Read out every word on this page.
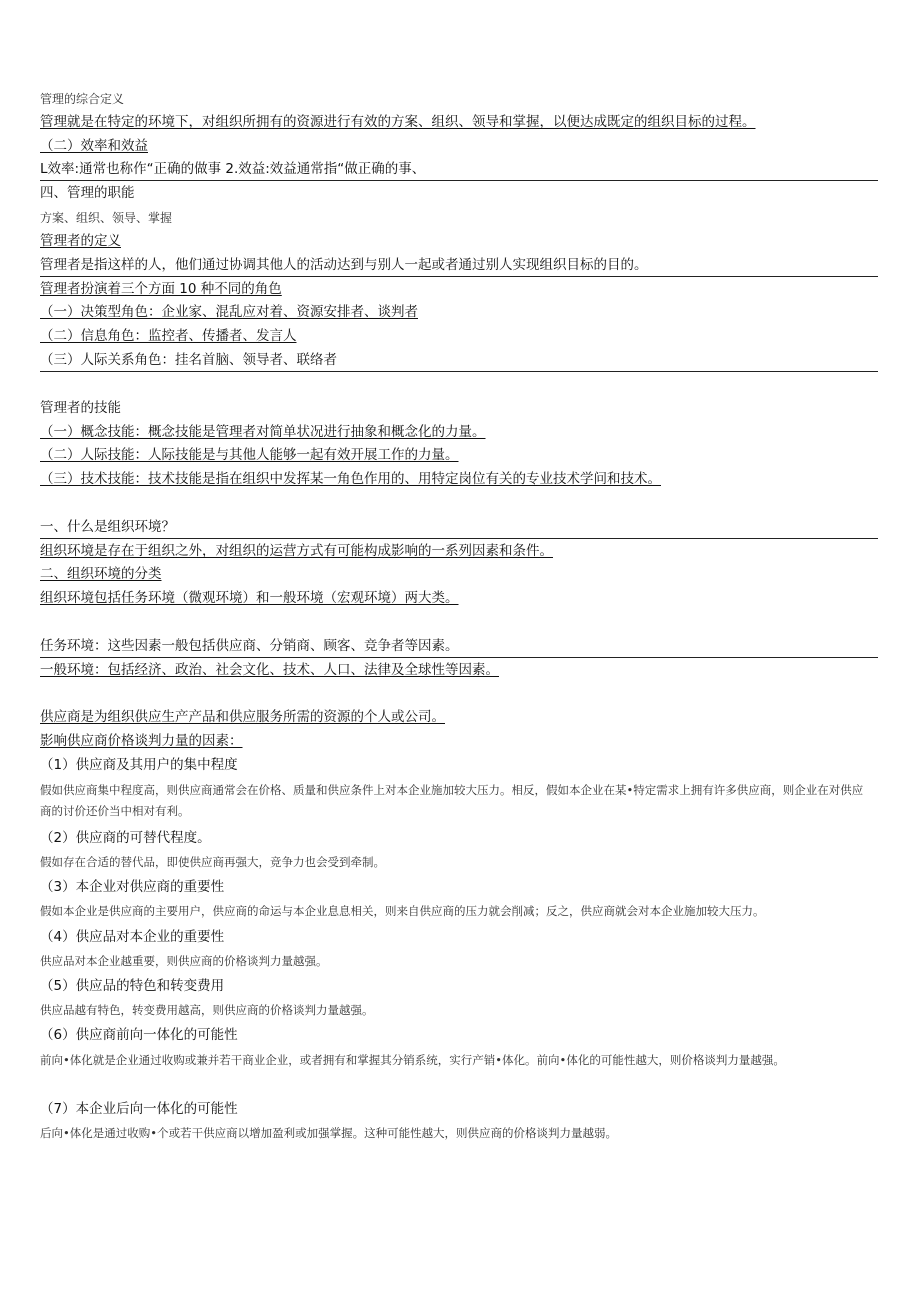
管理的综合定义
管理就是在特定的环境下，对组织所拥有的资源进行有效的方案、组织、领导和掌握，以便达成既定的组织目标的过程。
（二）效率和效益
L效率:通常也称作“正确的做事 2.效益:效益通常指“做正确的事、
四、管理的职能
方案、组织、领导、掌握
管理者的定义
管理者是指这样的人，他们通过协调其他人的活动达到与别人一起或者通过别人实现组织目标的目的。
管理者扮演着三个方面 10 种不同的角色
（一）决策型角色：企业家、混乱应对着、资源安排者、谈判者
（二）信息角色：监控者、传播者、发言人
（三）人际关系角色：挂名首脑、领导者、联络者
管理者的技能
（一）概念技能：概念技能是管理者对简单状况进行抽象和概念化的力量。
（二）人际技能：人际技能是与其他人能够一起有效开展工作的力量。
（三）技术技能：技术技能是指在组织中发挥某一角色作用的、用特定岗位有关的专业技术学问和技术。
一、什么是组织环境？
组织环境是存在于组织之外，对组织的运营方式有可能构成影响的一系列因素和条件。
二、组织环境的分类
组织环境包括任务环境（微观环境）和一般环境（宏观环境）两大类。
任务环境：这些因素一般包括供应商、分销商、顾客、竞争者等因素。
一般环境：包括经济、政治、社会文化、技术、人口、法律及全球性等因素。
供应商是为组织供应生产产品和供应服务所需的资源的个人或公司。
影响供应商价格谈判力量的因素：
（1）供应商及其用户的集中程度
假如供应商集中程度高，则供应商通常会在价格、质量和供应条件上对本企业施加较大压力。相反，假如本企业在某•特定需求上拥有许多供应商，则企业在对供应商的讨价还价当中相对有利。
（2）供应商的可替代程度。
假如存在合适的替代品，即使供应商再强大，竞争力也会受到牵制。
（3）本企业对供应商的重要性
假如本企业是供应商的主要用户，供应商的命运与本企业息息相关，则来自供应商的压力就会削减；反之，供应商就会对本企业施加较大压力。
（4）供应品对本企业的重要性
供应品对本企业越重要，则供应商的价格谈判力量越强。
（5）供应品的特色和转变费用
供应品越有特色，转变费用越高，则供应商的价格谈判力量越强。
（6）供应商前向一体化的可能性
前向•体化就是企业通过收购或兼并若干商业企业，或者拥有和掌握其分销系统，实行产销•体化。前向•体化的可能性越大，则价格谈判力量越强。
（7）本企业后向一体化的可能性
后向•体化是通过收购•个或若干供应商以增加盈利或加强掌握。这种可能性越大，则供应商的价格谈判力量越弱。
